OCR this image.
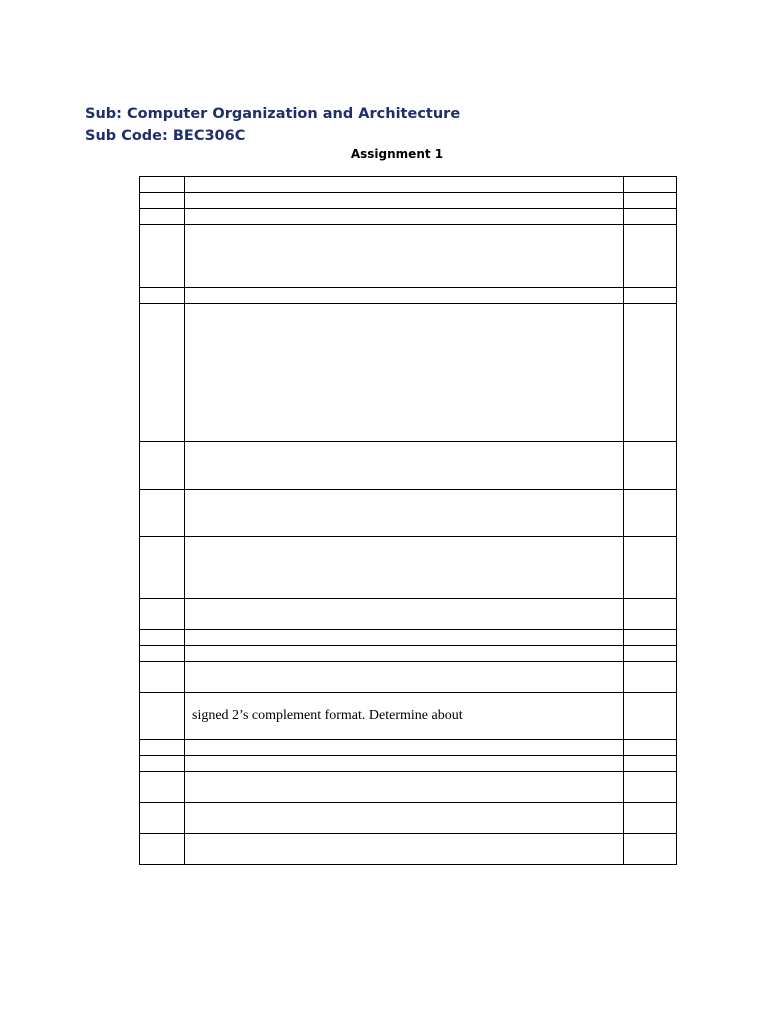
Sub: Computer Organization and Architecture
Sub Code: BEC306C
Assignment 1

	signed 2’s complement format. Determine about	
